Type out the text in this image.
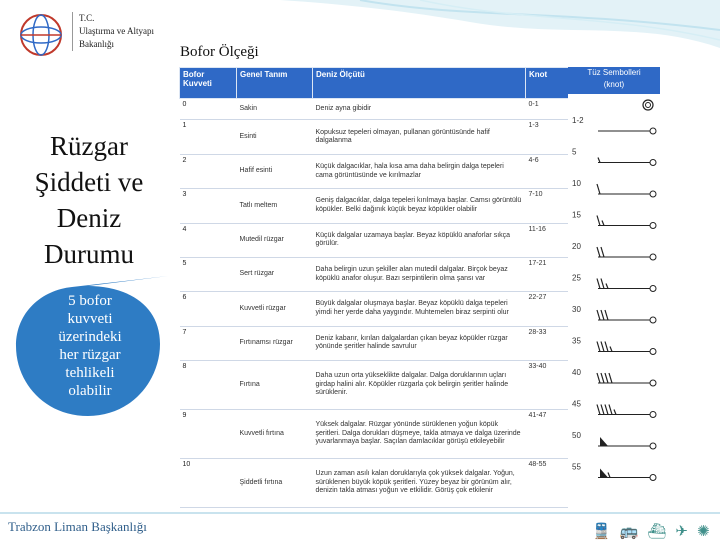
T.C.
Ulaştırma ve Altyapı
Bakanlığı	Bofor Ölçeği
Rüzgar
Şiddeti ve
Deniz
Durumu
5 bofor
kuvveti
üzerindeki
her rüzgar
tehlikeli
olabilir
Bofor Kuvveti	Genel Tanım	Deniz Ölçütü	Knot
0	Sakin	Deniz ayna gibidir	0-1
1	Esinti	Kopuksuz tepeleri olmayan, pullanan görüntüsünde hafif dalgalanma	1-3
2	Hafif esinti	Küçük dalgacıklar, hala kısa ama daha belirgin dalga tepeleri cama görüntüsünde ve kırılmazlar	4-6
3	Tatlı meltem	Geniş dalgacıklar, dalga tepeleri kırılmaya başlar. Camsı görüntülü köpükler. Belki dağınık küçük beyaz köpükler olabilir	7-10
4	Mutedil rüzgar	Küçük dalgalar uzamaya başlar. Beyaz köpüklü anaforlar sıkça görülür.	11-16
5	Sert rüzgar	Daha belirgin uzun şekiller alan mutedil dalgalar. Birçok beyaz köpüklü anafor oluşur. Bazı serpintilerin olma şansı var	17-21
6	Kuvvetli rüzgar	Büyük dalgalar oluşmaya başlar. Beyaz köpüklü dalga tepeleri yimdi her yerde daha yaygındır. Muhtemelen biraz serpinti olur	22-27
7	Fırtınamsı rüzgar	Deniz kabarır, kırılan dalgalardan çıkan beyaz köpükler rüzgar yönünde şeritler halinde savrulur	28-33
8	Fırtına	Daha uzun orta yükseklikte dalgalar. Dalga doruklarının uçları girdap halini alır. Köpükler rüzgarla çok belirgin şeritler halinde sürüklenir.	33-40
9	Kuvvetli fırtına	Yüksek dalgalar. Rüzgar yönünde sürüklenen yoğun köpük şeritleri. Dalga dorukları düşmeye, takla atmaya ve dalga üzerinde yuvarlanmaya başlar. Saçılan damlacıklar görüşü etkileyebilir	41-47
10	Şiddetli fırtına	Uzun zaman asılı kalan doruklarıyla çok yüksek dalgalar. Yoğun, sürüklenen büyük köpük şeritleri. Yüzey beyaz bir görünüm alır, denizin takla atması yoğun ve etkilidir. Görüş çok etkilenir	48-55
Tüz Sembolleri
(knot)
1-2
5
10
15
20
25
30
35
40
45
50
55
Trabzon Liman Başkanlığı	🚆🚌⛴✈✺
